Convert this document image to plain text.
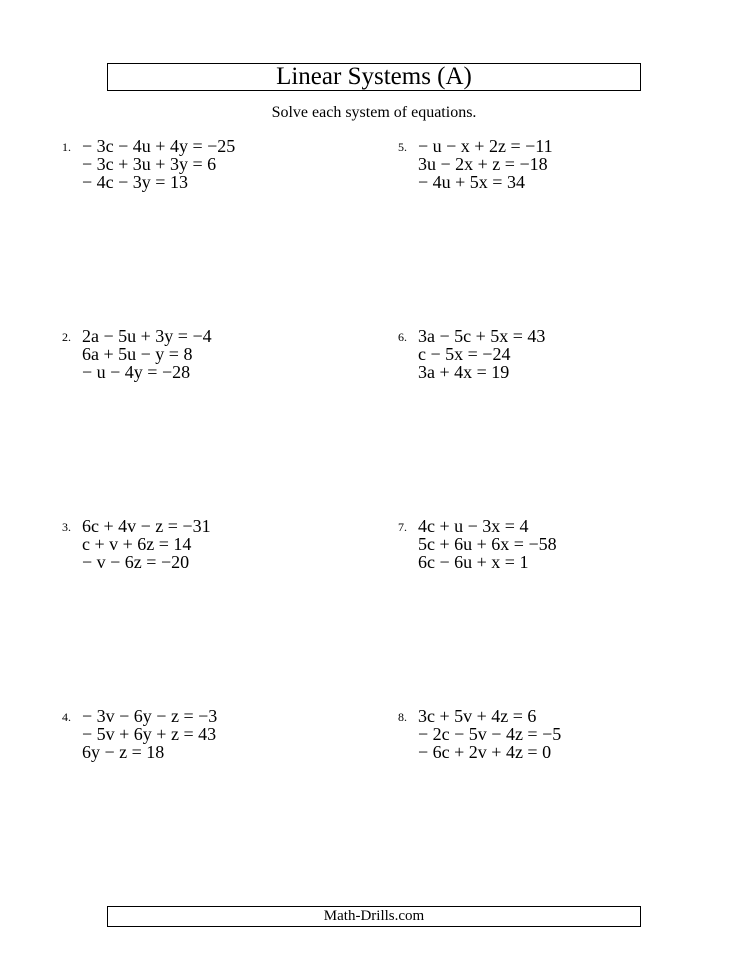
Linear Systems (A)
Solve each system of equations.
1. − 3c − 4u + 4y = −25
− 3c + 3u + 3y = 6
− 4c − 3y = 13
2. 2a − 5u + 3y = −4
6a + 5u − y = 8
− u − 4y = −28
3. 6c + 4v − z = −31
c + v + 6z = 14
− v − 6z = −20
4. − 3v − 6y − z = −3
− 5v + 6y + z = 43
6y − z = 18
5. − u − x + 2z = −11
3u − 2x + z = −18
− 4u + 5x = 34
6. 3a − 5c + 5x = 43
c − 5x = −24
3a + 4x = 19
7. 4c + u − 3x = 4
5c + 6u + 6x = −58
6c − 6u + x = 1
8. 3c + 5v + 4z = 6
− 2c − 5v − 4z = −5
− 6c + 2v + 4z = 0
Math-Drills.com
